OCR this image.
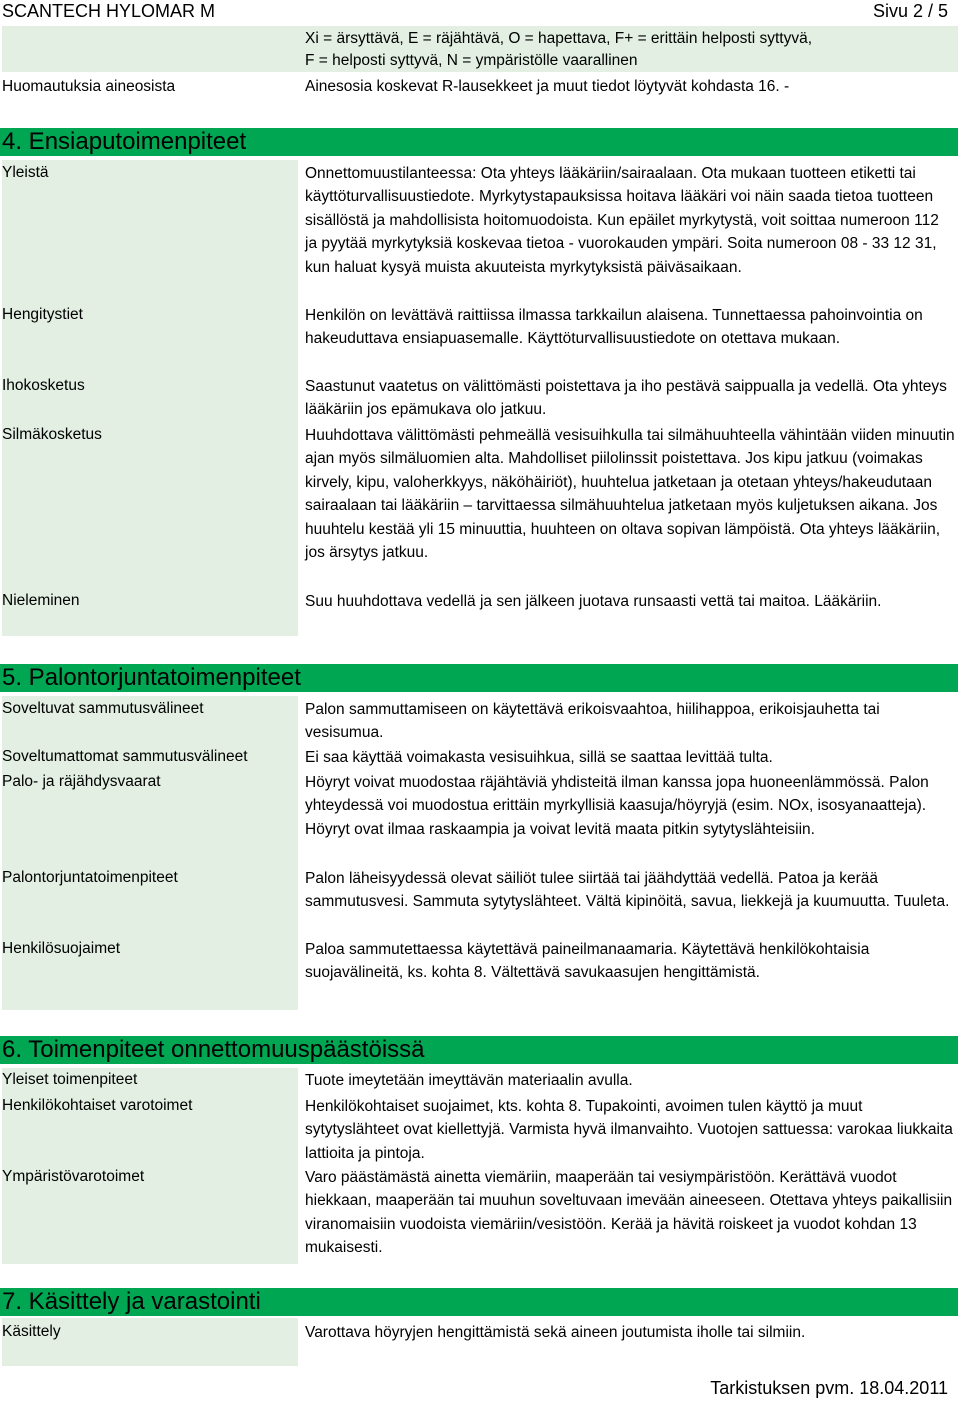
SCANTECH HYLOMAR M	Sivu 2 / 5
Xi = ärsyttävä, E = räjähtävä, O = hapettava, F+ = erittäin helposti syttyvä,
F = helposti syttyvä, N = ympäristölle vaarallinen
Huomautuksia aineosista	Ainesosia koskevat R-lausekkeet ja muut tiedot löytyvät kohdasta 16. -
4. Ensiaputoimenpiteet
Yleistä	Onnettomuustilanteessa: Ota yhteys lääkäriin/sairaalaan. Ota mukaan tuotteen etiketti tai käyttöturvallisuustiedote. Myrkytystapauksissa hoitava lääkäri voi näin saada tietoa tuotteen sisällöstä ja mahdollisista hoitomuodoista. Kun epäilet myrkytystä, voit soittaa numeroon 112 ja pyytää myrkytyksiä koskevaa tietoa - vuorokauden ympäri. Soita numeroon 08 - 33 12 31, kun haluat kysyä muista akuuteista myrkytyksistä päiväsaikaan.
Hengitystiet	Henkilön on levättävä raittiissa ilmassa tarkkailun alaisena. Tunnettaessa pahoinvointia on hakeuduttava ensiapuasemalle. Käyttöturvallisuustiedote on otettava mukaan.
Ihokosketus	Saastunut vaatetus on välittömästi poistettava ja iho pestävä saippualla ja vedellä. Ota yhteys lääkäriin jos epämukava olo jatkuu.
Silmäkosketus	Huuhdottava välittömästi pehmeällä vesisuihkulla tai silmähuuhteella vähintään viiden minuutin ajan myös silmäluomien alta. Mahdolliset piilolinssit poistettava. Jos kipu jatkuu (voimakas kirvely, kipu, valoherkkyys, näköhäiriöt), huuhtelua jatketaan ja otetaan yhteys/hakeudutaan sairaalaan tai lääkäriin – tarvittaessa silmähuuhtelua jatketaan myös kuljetuksen aikana. Jos huuhtelu kestää yli 15 minuuttia, huuhteen on oltava sopivan lämpöistä. Ota yhteys lääkäriin, jos ärsytys jatkuu.
Nieleminen	Suu huuhdottava vedellä ja sen jälkeen juotava runsaasti vettä tai maitoa. Lääkäriin.
5. Palontorjuntatoimenpiteet
Soveltuvat sammutusvälineet	Palon sammuttamiseen on käytettävä erikoisvaahtoa, hiilihappoa, erikoisjauhetta tai vesisumua.
Soveltumattomat sammutusvälineet	Ei saa käyttää voimakasta vesisuihkua, sillä se saattaa levittää tulta.
Palo- ja räjähdysvaarat	Höyryt voivat muodostaa räjähtäviä yhdisteitä ilman kanssa jopa huoneenlämmössä. Palon yhteydessä voi muodostua erittäin myrkyllisiä kaasuja/höyryjä (esim. NOx, isosyanaatteja). Höyryt ovat ilmaa raskaampia ja voivat levitä maata pitkin sytytyslähteisiin.
Palontorjuntatoimenpiteet	Palon läheisyydessä olevat säiliöt tulee siirtää tai jäähdyttää vedellä. Patoa ja kerää sammutusvesi. Sammuta sytytyslähteet. Vältä kipinöitä, savua, liekkejä ja kuumuutta. Tuuleta.
Henkilösuojaimet	Paloa sammutettaessa käytettävä paineilmanaamaria. Käytettävä henkilökohtaisia suojavälineitä, ks. kohta 8. Vältettävä savukaasujen hengittämistä.
6. Toimenpiteet onnettomuuspäästöissä
Yleiset toimenpiteet	Tuote imeytetään imeyttävän materiaalin avulla.
Henkilökohtaiset varotoimet	Henkilökohtaiset suojaimet, kts. kohta 8. Tupakointi, avoimen tulen käyttö ja muut sytytyslähteet ovat kiellettyjä. Varmista hyvä ilmanvaihto. Vuotojen sattuessa: varokaa liukkaita lattioita ja pintoja.
Ympäristövarotoimet	Varo päästämästä ainetta viemäriin, maaperään tai vesiympäristöön. Kerättävä vuodot hiekkaan, maaperään tai muuhun soveltuvaan imevään aineeseen. Otettava yhteys paikallisiin viranomaisiin vuodoista viemäriin/vesistöön. Kerää ja hävitä roiskeet ja vuodot kohdan 13 mukaisesti.
7. Käsittely ja varastointi
Käsittely	Varottava höyryjen hengittämistä sekä aineen joutumista iholle tai silmiin.
Tarkistuksen pvm. 18.04.2011
